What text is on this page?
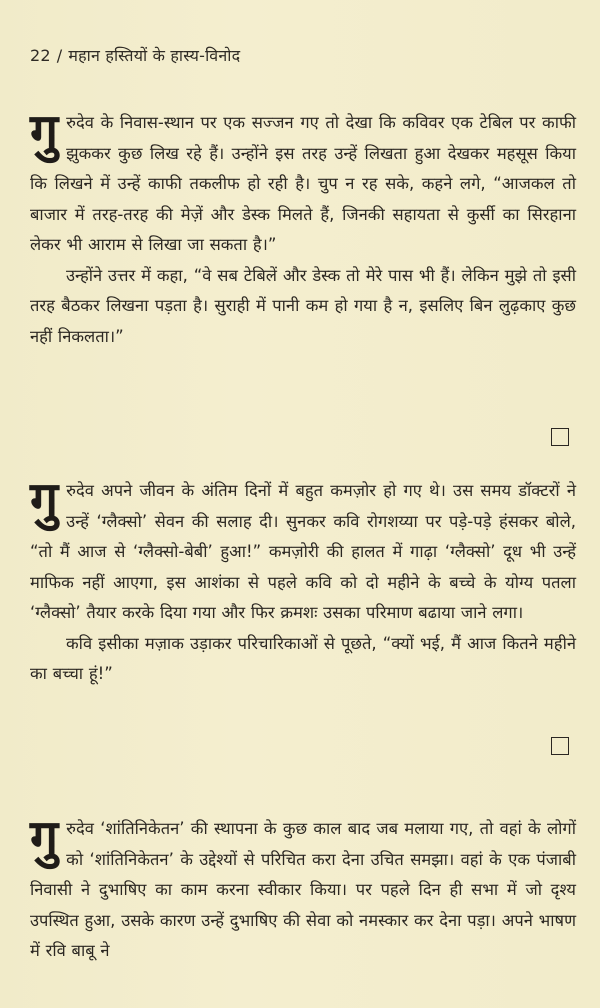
22 / महान हस्तियों के हास्य-विनोद

गुरुदेव के निवास-स्थान पर एक सज्जन गए तो देखा कि कविवर एक टेबिल पर काफी झुककर कुछ लिख रहे हैं। उन्होंने इस तरह उन्हें लिखता हुआ देखकर महसूस किया कि लिखने में उन्हें काफी तकलीफ हो रही है। चुप न रह सके, कहने लगे, “आजकल तो बाजार में तरह-तरह की मेज़ें और डेस्क मिलते हैं, जिनकी सहायता से कुर्सी का सिरहाना लेकर भी आराम से लिखा जा सकता है।”

उन्होंने उत्तर में कहा, “वे सब टेबिलें और डेस्क तो मेरे पास भी हैं। लेकिन मुझे तो इसी तरह बैठकर लिखना पड़ता है। सुराही में पानी कम हो गया है न, इसलिए बिन लुढ़काए कुछ नहीं निकलता।”

गुरुदेव अपने जीवन के अंतिम दिनों में बहुत कमज़ोर हो गए थे। उस समय डॉक्टरों ने उन्हें ‘ग्लैक्सो’ सेवन की सलाह दी। सुनकर कवि रोगशय्या पर पड़े-पड़े हंसकर बोले, “तो मैं आज से ‘ग्लैक्सो-बेबी’ हुआ!” कमज़ोरी की हालत में गाढ़ा ‘ग्लैक्सो’ दूध भी उन्हें माफिक नहीं आएगा, इस आशंका से पहले कवि को दो महीने के बच्चे के योग्य पतला ‘ग्लैक्सो’ तैयार करके दिया गया और फिर क्रमशः उसका परिमाण बढाया जाने लगा।

कवि इसीका मज़ाक उड़ाकर परिचारिकाओं से पूछते, “क्यों भई, मैं आज कितने महीने का बच्चा हूं!”

गुरुदेव ‘शांतिनिकेतन’ की स्थापना के कुछ काल बाद जब मलाया गए, तो वहां के लोगों को ‘शांतिनिकेतन’ के उद्देश्यों से परिचित करा देना उचित समझा। वहां के एक पंजाबी निवासी ने दुभाषिए का काम करना स्वीकार किया। पर पहले दिन ही सभा में जो दृश्य उपस्थित हुआ, उसके कारण उन्हें दुभाषिए की सेवा को नमस्कार कर देना पड़ा। अपने भाषण में रवि बाबू ने
